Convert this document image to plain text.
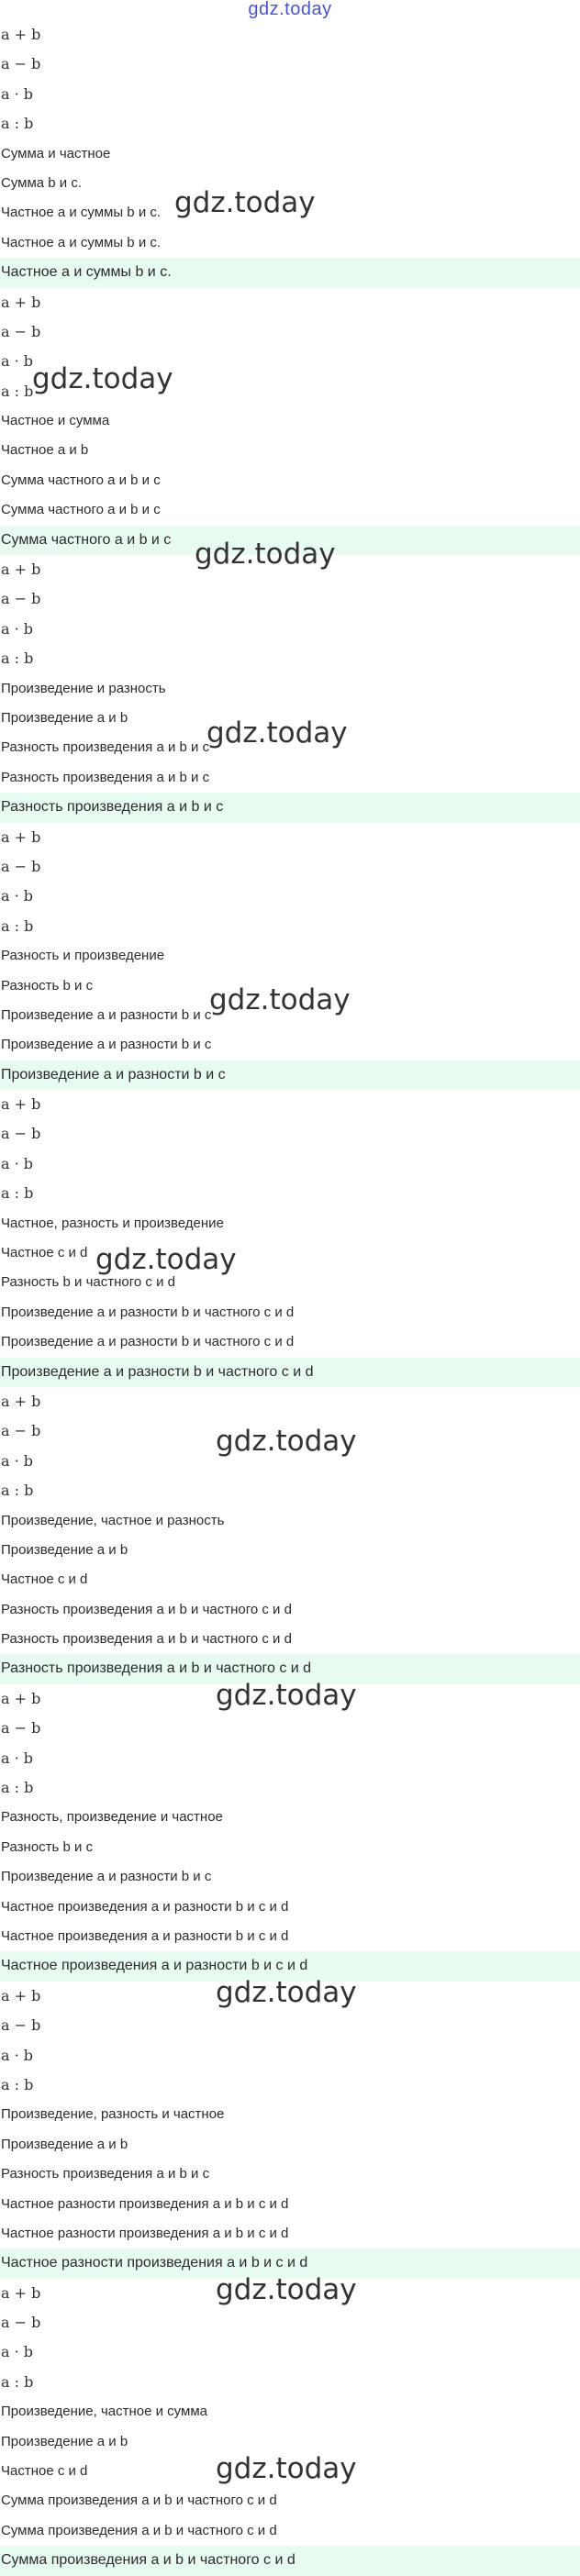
gdz.today
a + b
a − b
a · b
a : b
Сумма и частное
Сумма b и c.
Частное a и суммы b и c.
Частное a и суммы b и c.
Частное a и суммы b и c.
a + b
a − b
a · b
a : b
Частное и сумма
Частное a и b
Сумма частного a и b и c
Сумма частного a и b и c
Сумма частного a и b и c
a + b
a − b
a · b
a : b
Произведение и разность
Произведение a и b
Разность произведения a и b и c
Разность произведения a и b и c
Разность произведения a и b и c
a + b
a − b
a · b
a : b
Разность и произведение
Разность b и c
Произведение a и разности b и c
Произведение a и разности b и c
Произведение a и разности b и c
a + b
a − b
a · b
a : b
Частное, разность и произведение
Частное c и d
Разность b и частного c и d
Произведение a и разности b и частного c и d
Произведение a и разности b и частного c и d
Произведение a и разности b и частного c и d
a + b
a − b
a · b
a : b
Произведение, частное и разность
Произведение a и b
Частное c и d
Разность произведения a и b и частного c и d
Разность произведения a и b и частного c и d
Разность произведения a и b и частного c и d
a + b
a − b
a · b
a : b
Разность, произведение и частное
Разность b и c
Произведение a и разности b и c
Частное произведения a и разности b и c и d
Частное произведения a и разности b и c и d
Частное произведения a и разности b и c и d
a + b
a − b
a · b
a : b
Произведение, разность и частное
Произведение a и b
Разность произведения a и b и c
Частное разности произведения a и b и c и d
Частное разности произведения a и b и c и d
Частное разности произведения a и b и c и d
a + b
a − b
a · b
a : b
Произведение, частное и сумма
Произведение a и b
Частное c и d
Сумма произведения a и b и частного c и d
Сумма произведения a и b и частного c и d
Сумма произведения a и b и частного c и d
gdz.today
gdz.today
gdz.today
gdz.today
gdz.today
gdz.today
gdz.today
gdz.today
gdz.today
gdz.today
gdz.today
